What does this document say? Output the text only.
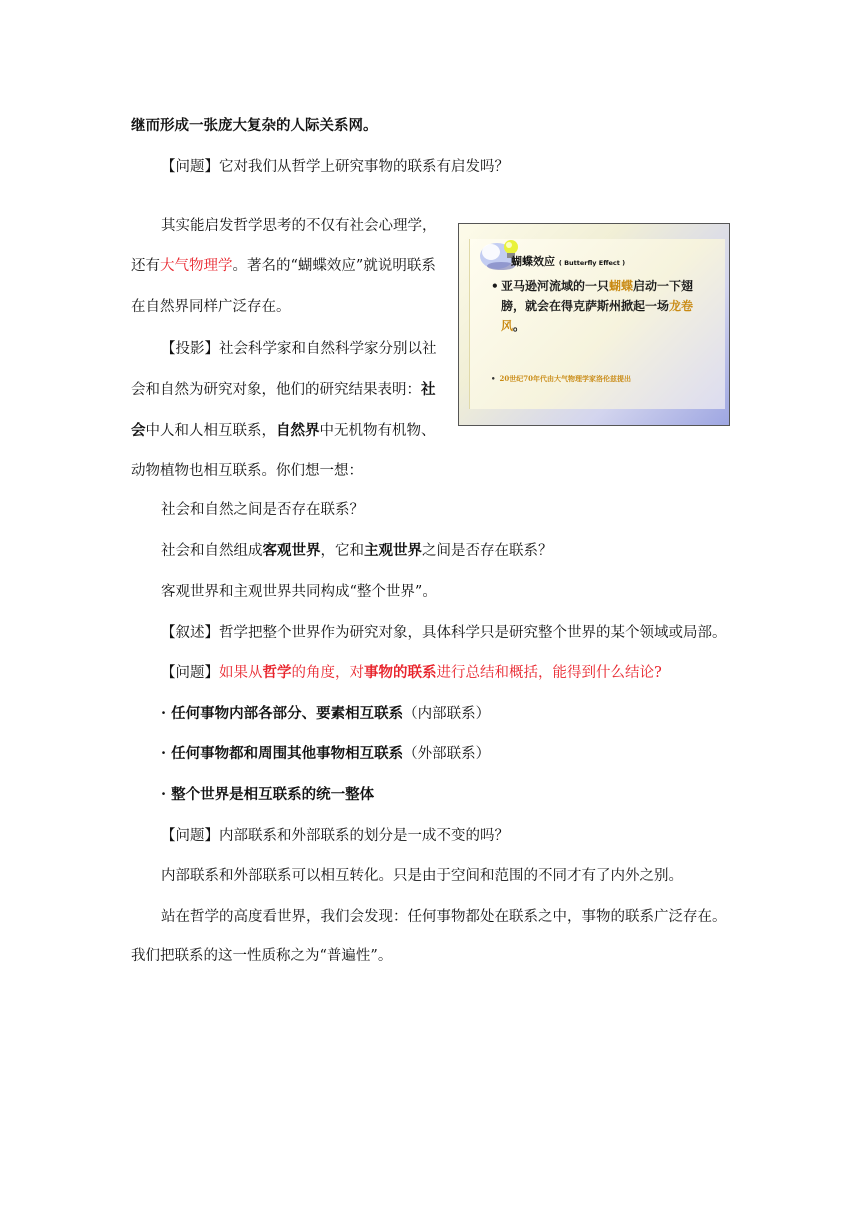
继而形成一张庞大复杂的人际关系网。
【问题】它对我们从哲学上研究事物的联系有启发吗？
其实能启发哲学思考的不仅有社会心理学，
还有大气物理学。著名的“蝴蝶效应”就说明联系
在自然界同样广泛存在。
【投影】社会科学家和自然科学家分别以社
会和自然为研究对象，他们的研究结果表明：社
会中人和人相互联系，自然界中无机物有机物、
动物植物也相互联系。你们想一想：
社会和自然之间是否存在联系？
社会和自然组成客观世界，它和主观世界之间是否存在联系？
客观世界和主观世界共同构成“整个世界”。
【叙述】哲学把整个世界作为研究对象，具体科学只是研究整个世界的某个领域或局部。
【问题】如果从哲学的角度，对事物的联系进行总结和概括，能得到什么结论?
· 任何事物内部各部分、要素相互联系（内部联系）
· 任何事物都和周围其他事物相互联系（外部联系）
· 整个世界是相互联系的统一整体
【问题】内部联系和外部联系的划分是一成不变的吗？
内部联系和外部联系可以相互转化。只是由于空间和范围的不同才有了内外之别。
站在哲学的高度看世界，我们会发现：任何事物都处在联系之中，事物的联系广泛存在。
我们把联系的这一性质称之为“普遍性”。
蝴蝶效应 ( Butterfly Effect )
• 亚马逊河流域的一只蝴蝶启动一下翅膀，就会在得克萨斯州掀起一场龙卷风。
• 20世纪70年代由大气物理学家洛伦兹提出
